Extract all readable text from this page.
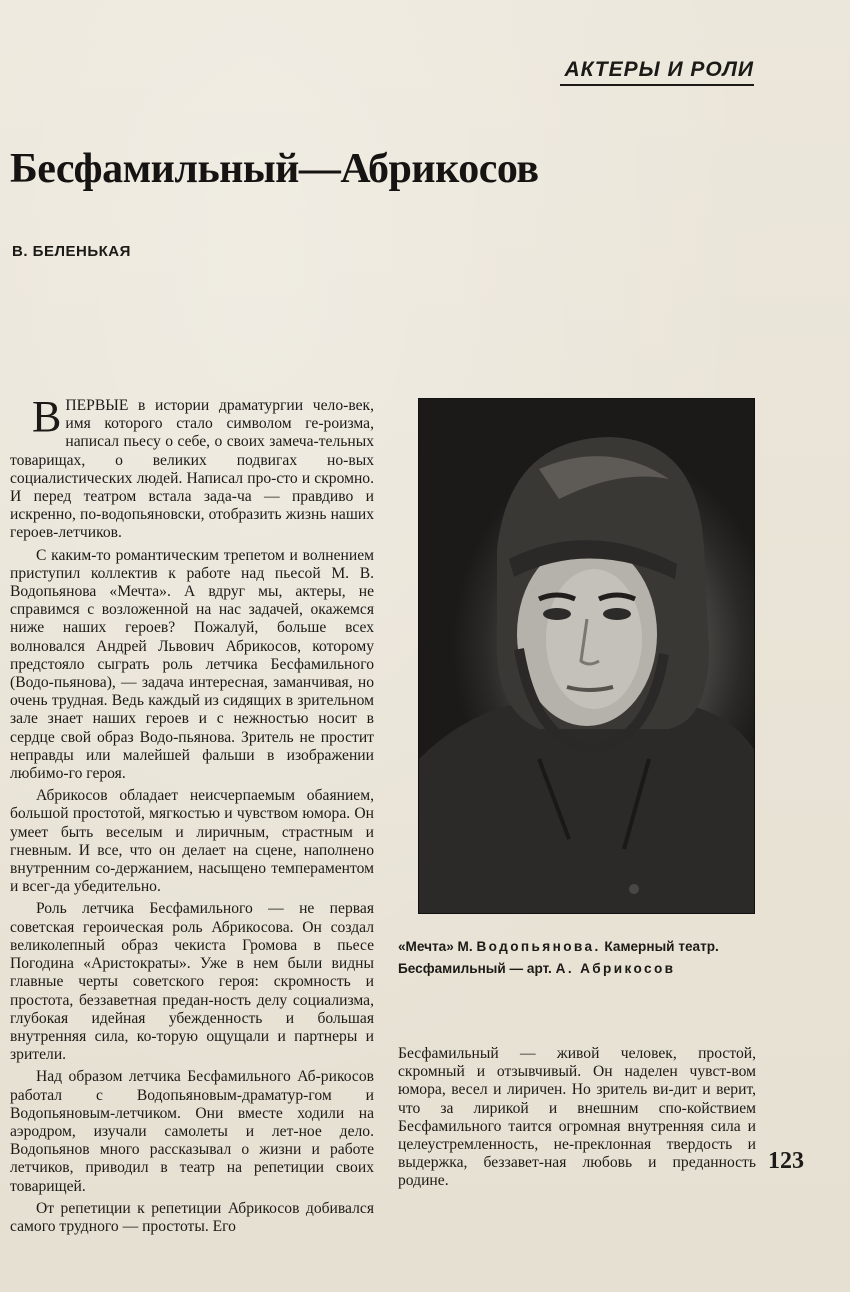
АКТЕРЫ И РОЛИ
Бесфамильный—Абрикосов
В. БЕЛЕНЬКАЯ

ВПЕРВЫЕ в истории драматургии чело-век, имя которого стало символом ге-роизма, написал пьесу о себе, о своих замеча-тельных товарищах, о великих подвигах но-вых социалистических людей. Написал про-сто и скромно. И перед театром встала зада-ча — правдиво и искренно, по-водопьяновски, отобразить жизнь наших героев-летчиков.

С каким-то романтическим трепетом и волнением приступил коллектив к работе над пьесой М. В. Водопьянова «Мечта». А вдруг мы, актеры, не справимся с возложенной на нас задачей, окажемся ниже наших героев? Пожалуй, больше всех волновался Андрей Львович Абрикосов, которому предстояло сыграть роль летчика Бесфамильного (Водо-пьянова), — задача интересная, заманчивая, но очень трудная. Ведь каждый из сидящих в зрительном зале знает наших героев и с нежностью носит в сердце свой образ Водо-пьянова. Зритель не простит неправды или малейшей фальши в изображении любимо-го героя.

Абрикосов обладает неисчерпаемым обаянием, большой простотой, мягкостью и чувством юмора. Он умеет быть веселым и лиричным, страстным и гневным. И все, что он делает на сцене, наполнено внутренним со-держанием, насыщено темпераментом и всег-да убедительно.

Роль летчика Бесфамильного — не первая советская героическая роль Абрикосова. Он создал великолепный образ чекиста Громова в пьесе Погодина «Аристократы». Уже в нем были видны главные черты советского героя: скромность и простота, беззаветная предан-ность делу социализма, глубокая идейная убежденность и большая внутренняя сила, ко-торую ощущали и партнеры и зрители.

Над образом летчика Бесфамильного Аб-рикосов работал с Водопьяновым-драматур-гом и Водопьяновым-летчиком. Они вместе ходили на аэродром, изучали самолеты и лет-ное дело. Водопьянов много рассказывал о жизни и работе летчиков, приводил в театр на репетиции своих товарищей.

От репетиции к репетиции Абрикосов добивался самого трудного — простоты. Его

«Мечта» М. Водопьянова. Камерный театр.
Бесфамильный — арт. А. Абрикосов

Бесфамильный — живой человек, простой, скромный и отзывчивый. Он наделен чувст-вом юмора, весел и лиричен. Но зритель ви-дит и верит, что за лирикой и внешним спо-койствием Бесфамильного таится огромная внутренняя сила и целеустремленность, не-преклонная твердость и выдержка, беззавет-ная любовь и преданность родине.

123
